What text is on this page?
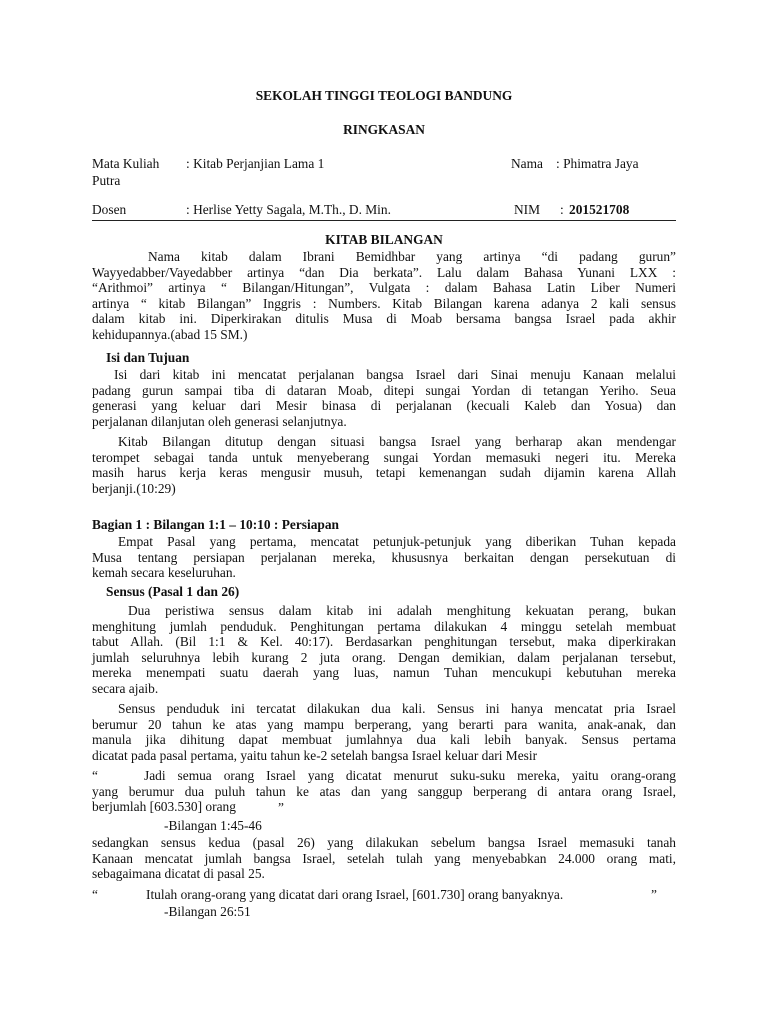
SEKOLAH TINGGI TEOLOGI BANDUNG
RINGKASAN
Mata Kuliah : Kitab Perjanjian Lama 1	Nama : Phimatra Jaya
Putra
Dosen	: Herlise Yetty Sagala, M.Th., D. Min.	NIM : 201521708
KITAB BILANGAN
Nama kitab dalam Ibrani Bemidhbar yang artinya “di padang gurun”
Wayyedabber/Vayedabber artinya “dan Dia berkata”. Lalu dalam Bahasa Yunani LXX :
“Arithmoi” artinya “ Bilangan/Hitungan”, Vulgata : dalam Bahasa Latin Liber Numeri
artinya “ kitab Bilangan” Inggris : Numbers. Kitab Bilangan karena adanya 2 kali sensus
dalam kitab ini. Diperkirakan ditulis Musa di Moab bersama bangsa Israel pada akhir
kehidupannya.(abad 15 SM.)
Isi dan Tujuan
Isi dari kitab ini mencatat perjalanan bangsa Israel dari Sinai menuju Kanaan melalui
padang gurun sampai tiba di dataran Moab, ditepi sungai Yordan di tetangan Yeriho. Seua
generasi yang keluar dari Mesir binasa di perjalanan (kecuali Kaleb dan Yosua) dan
perjalanan dilanjutan oleh generasi selanjutnya.
Kitab Bilangan ditutup dengan situasi bangsa Israel yang berharap akan mendengar
terompet sebagai tanda untuk menyeberang sungai Yordan memasuki negeri itu. Mereka
masih harus kerja keras mengusir musuh, tetapi kemenangan sudah dijamin karena Allah
berjanji.(10:29)
Bagian 1 : Bilangan 1:1 – 10:10 : Persiapan
Empat Pasal yang pertama, mencatat petunjuk-petunjuk yang diberikan Tuhan kepada
Musa tentang persiapan perjalanan mereka, khususnya berkaitan dengan persekutuan di
kemah secara keseluruhan.
Sensus (Pasal 1 dan 26)
Dua peristiwa sensus dalam kitab ini adalah menghitung kekuatan perang, bukan
menghitung jumlah penduduk. Penghitungan pertama dilakukan 4 minggu setelah membuat
tabut Allah. (Bil 1:1 & Kel. 40:17). Berdasarkan penghitungan tersebut, maka diperkirakan
jumlah seluruhnya lebih kurang 2 juta orang. Dengan demikian, dalam perjalanan tersebut,
mereka menempati suatu daerah yang luas, namun Tuhan mencukupi kebutuhan mereka
secara ajaib.
Sensus penduduk ini tercatat dilakukan dua kali. Sensus ini hanya mencatat pria Israel
berumur 20 tahun ke atas yang mampu berperang, yang berarti para wanita, anak-anak, dan
manula jika dihitung dapat membuat jumlahnya dua kali lebih banyak. Sensus pertama
dicatat pada pasal pertama, yaitu tahun ke-2 setelah bangsa Israel keluar dari Mesir
“	Jadi semua orang Israel yang dicatat menurut suku-suku mereka, yaitu orang-orang
yang berumur dua puluh tahun ke atas dan yang sanggup berperang di antara orang Israel,
berjumlah [603.530] orang	”
-Bilangan 1:45-46
sedangkan sensus kedua (pasal 26) yang dilakukan sebelum bangsa Israel memasuki tanah
Kanaan mencatat jumlah bangsa Israel, setelah tulah yang menyebabkan 24.000 orang mati,
sebagaimana dicatat di pasal 25.
“	Itulah orang-orang yang dicatat dari orang Israel, [601.730] orang banyaknya.	”
-Bilangan 26:51
